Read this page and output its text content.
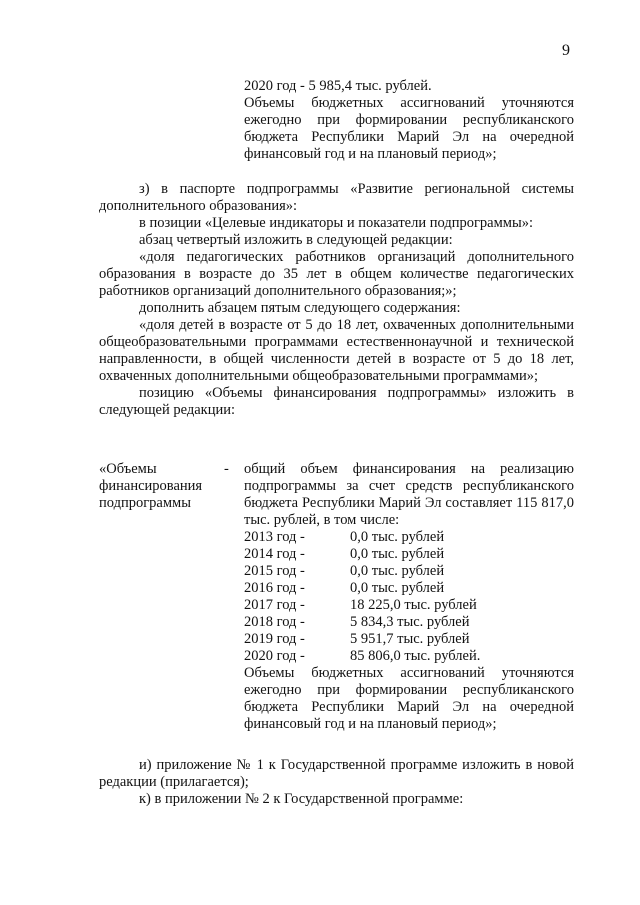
9
2020 год - 5 985,4 тыс. рублей.
Объемы бюджетных ассигнований уточняются ежегодно при формировании республиканского бюджета Республики Марий Эл на очередной финансовый год и на плановый период»;
з) в паспорте подпрограммы «Развитие региональной системы дополнительного образования»:
в позиции «Целевые индикаторы и показатели подпрограммы»:
абзац четвертый изложить в следующей редакции:
«доля педагогических работников организаций дополнительного образования в возрасте до 35 лет в общем количестве педагогических работников организаций дополнительного образования;»;
дополнить абзацем пятым следующего содержания:
«доля детей в возрасте от 5 до 18 лет, охваченных дополнительными общеобразовательными программами естественнонаучной и технической направленности, в общей численности детей в возрасте от 5 до 18 лет, охваченных дополнительными общеобразовательными программами»;
позицию «Объемы финансирования подпрограммы» изложить в следующей редакции:
«Объемы финансирования подпрограммы
- общий объем финансирования на реализацию подпрограммы за счет средств республиканского бюджета Республики Марий Эл составляет 115 817,0 тыс. рублей, в том числе:
2013 год -	0,0 тыс. рублей
2014 год -	0,0 тыс. рублей
2015 год -	0,0 тыс. рублей
2016 год -	0,0 тыс. рублей
2017 год -	18 225,0 тыс. рублей
2018 год -	5 834,3 тыс. рублей
2019 год -	5 951,7 тыс. рублей
2020 год -	85 806,0 тыс. рублей.
Объемы бюджетных ассигнований уточняются ежегодно при формировании республиканского бюджета Республики Марий Эл на очередной финансовый год и на плановый период»;
и) приложение № 1 к Государственной программе изложить в новой редакции (прилагается);
к) в приложении № 2 к Государственной программе:
